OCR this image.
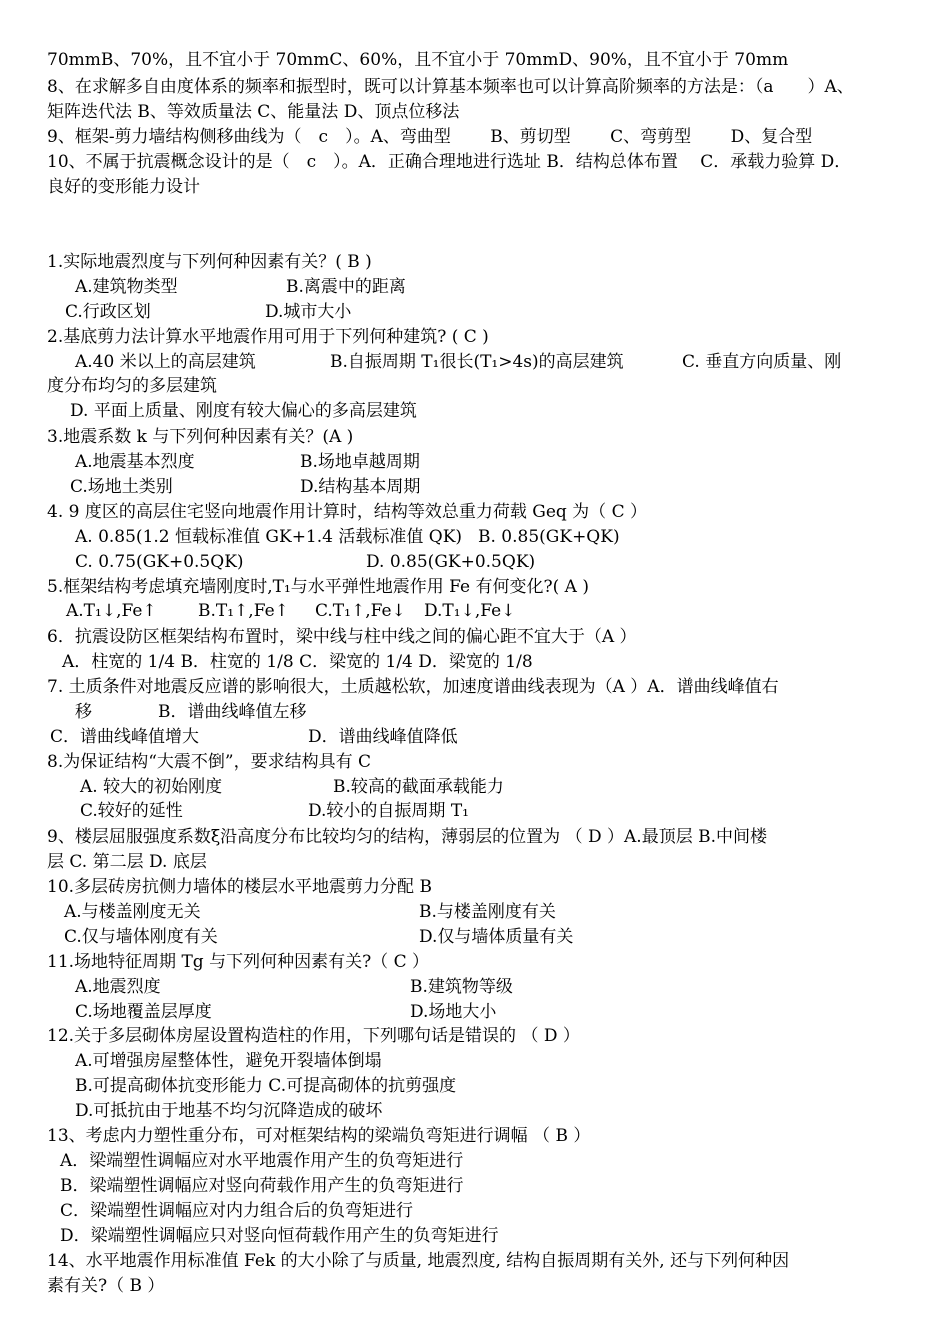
70mmB、70%，且不宜小于 70mmC、60%，且不宜小于 70mmD、90%，且不宜小于 70mm
8、在求解多自由度体系的频率和振型时，既可以计算基本频率也可以计算高阶频率的方法是：（a　　）A、
矩阵迭代法 B、等效质量法 C、能量法 D、顶点位移法
9、框架-剪力墙结构侧移曲线为（　c　）。A、弯曲型　　 B、剪切型　　 C、弯剪型　　 D、复合型
10、不属于抗震概念设计的是（　c　）。A．正确合理地进行选址 B．结构总体布置　 C．承载力验算 D．
良好的变形能力设计
1.实际地震烈度与下列何种因素有关？( B )
A.建筑物类型	B.离震中的距离
C.行政区划	D.城市大小
2.基底剪力法计算水平地震作用可用于下列何种建筑? ( C )
A.40 米以上的高层建筑	B.自振周期 T₁很长(T₁>4s)的高层建筑	C. 垂直方向质量、刚
度分布均匀的多层建筑
D. 平面上质量、刚度有较大偏心的多高层建筑
3.地震系数 k 与下列何种因素有关？(A )
A.地震基本烈度	B.场地卓越周期
C.场地土类别	D.结构基本周期
4. 9 度区的高层住宅竖向地震作用计算时，结构等效总重力荷载 Geq 为（ C ）
A. 0.85(1.2 恒载标准值 GK+1.4 活载标准值 QK) B. 0.85(GK+QK)
C. 0.75(GK+0.5QK)	D. 0.85(GK+0.5QK)
5.框架结构考虑填充墙刚度时,T₁与水平弹性地震作用 Fe 有何变化?( A )
A.T₁↓,Fe↑ B.T₁↑,Fe↑ C.T₁↑,Fe↓ D.T₁↓,Fe↓
6．抗震设防区框架结构布置时，梁中线与柱中线之间的偏心距不宜大于（A ）
A．柱宽的 1/4 B．柱宽的 1/8 C．梁宽的 1/4 D．梁宽的 1/8
7. 土质条件对地震反应谱的影响很大，土质越松软，加速度谱曲线表现为（A ）A．谱曲线峰值右
移	B．谱曲线峰值左移
C．谱曲线峰值增大	D．谱曲线峰值降低
8.为保证结构“大震不倒”，要求结构具有 C
A. 较大的初始刚度	B.较高的截面承载能力
C.较好的延性	D.较小的自振周期 T₁
9、楼层屈服强度系数ξ沿高度分布比较均匀的结构，薄弱层的位置为 （ D ）A.最顶层 B.中间楼
层 C. 第二层 D. 底层
10.多层砖房抗侧力墙体的楼层水平地震剪力分配 B
A.与楼盖刚度无关	B.与楼盖刚度有关
C.仅与墙体刚度有关	D.仅与墙体质量有关
11.场地特征周期 Tg 与下列何种因素有关?（ C ）
A.地震烈度	B.建筑物等级
C.场地覆盖层厚度	D.场地大小
12.关于多层砌体房屋设置构造柱的作用，下列哪句话是错误的 （ D ）
A.可增强房屋整体性，避免开裂墙体倒塌
B.可提高砌体抗变形能力 C.可提高砌体的抗剪强度
D.可抵抗由于地基不均匀沉降造成的破坏
13、考虑内力塑性重分布，可对框架结构的梁端负弯矩进行调幅 （ B ）
A．梁端塑性调幅应对水平地震作用产生的负弯矩进行
B．梁端塑性调幅应对竖向荷载作用产生的负弯矩进行
C．梁端塑性调幅应对内力组合后的负弯矩进行
D．梁端塑性调幅应只对竖向恒荷载作用产生的负弯矩进行
14、水平地震作用标准值 Fek 的大小除了与质量, 地震烈度, 结构自振周期有关外, 还与下列何种因
素有关?（ B ）
